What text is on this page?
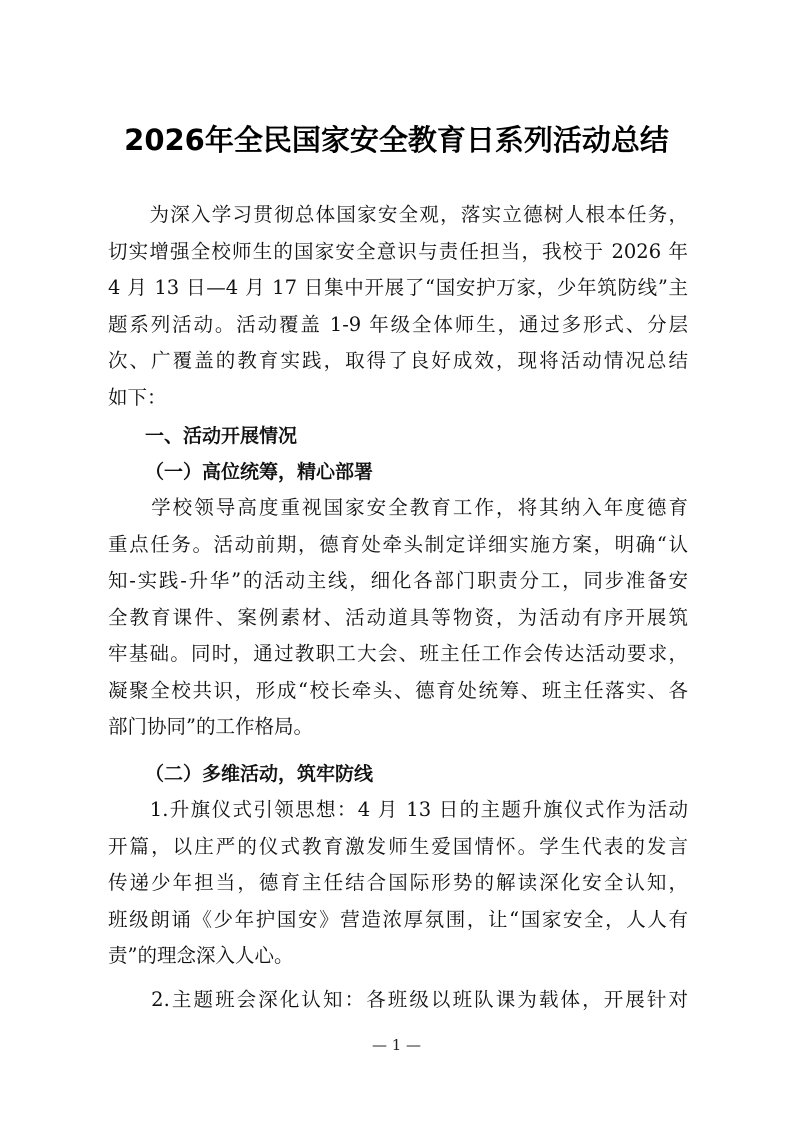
2026年全民国家安全教育日系列活动总结
　　为深入学习贯彻总体国家安全观，落实立德树人根本任务，
切实增强全校师生的国家安全意识与责任担当，我校于 2026 年
4 月 13 日—4 月 17 日集中开展了“国安护万家，少年筑防线”主
题系列活动。活动覆盖 1-9 年级全体师生，通过多形式、分层
次、广覆盖的教育实践，取得了良好成效，现将活动情况总结
如下：
一、活动开展情况
（一）高位统筹，精心部署
　　学校领导高度重视国家安全教育工作，将其纳入年度德育
重点任务。活动前期，德育处牵头制定详细实施方案，明确“认
知-实践-升华”的活动主线，细化各部门职责分工，同步准备安
全教育课件、案例素材、活动道具等物资，为活动有序开展筑
牢基础。同时，通过教职工大会、班主任工作会传达活动要求，
凝聚全校共识，形成“校长牵头、德育处统筹、班主任落实、各
部门协同”的工作格局。
（二）多维活动，筑牢防线
　　1.升旗仪式引领思想：4 月 13 日的主题升旗仪式作为活动
开篇，以庄严的仪式教育激发师生爱国情怀。学生代表的发言
传递少年担当，德育主任结合国际形势的解读深化安全认知，
班级朗诵《少年护国安》营造浓厚氛围，让“国家安全，人人有
责”的理念深入人心。
　　2.主题班会深化认知：各班级以班队课为载体，开展针对
— 1 —
